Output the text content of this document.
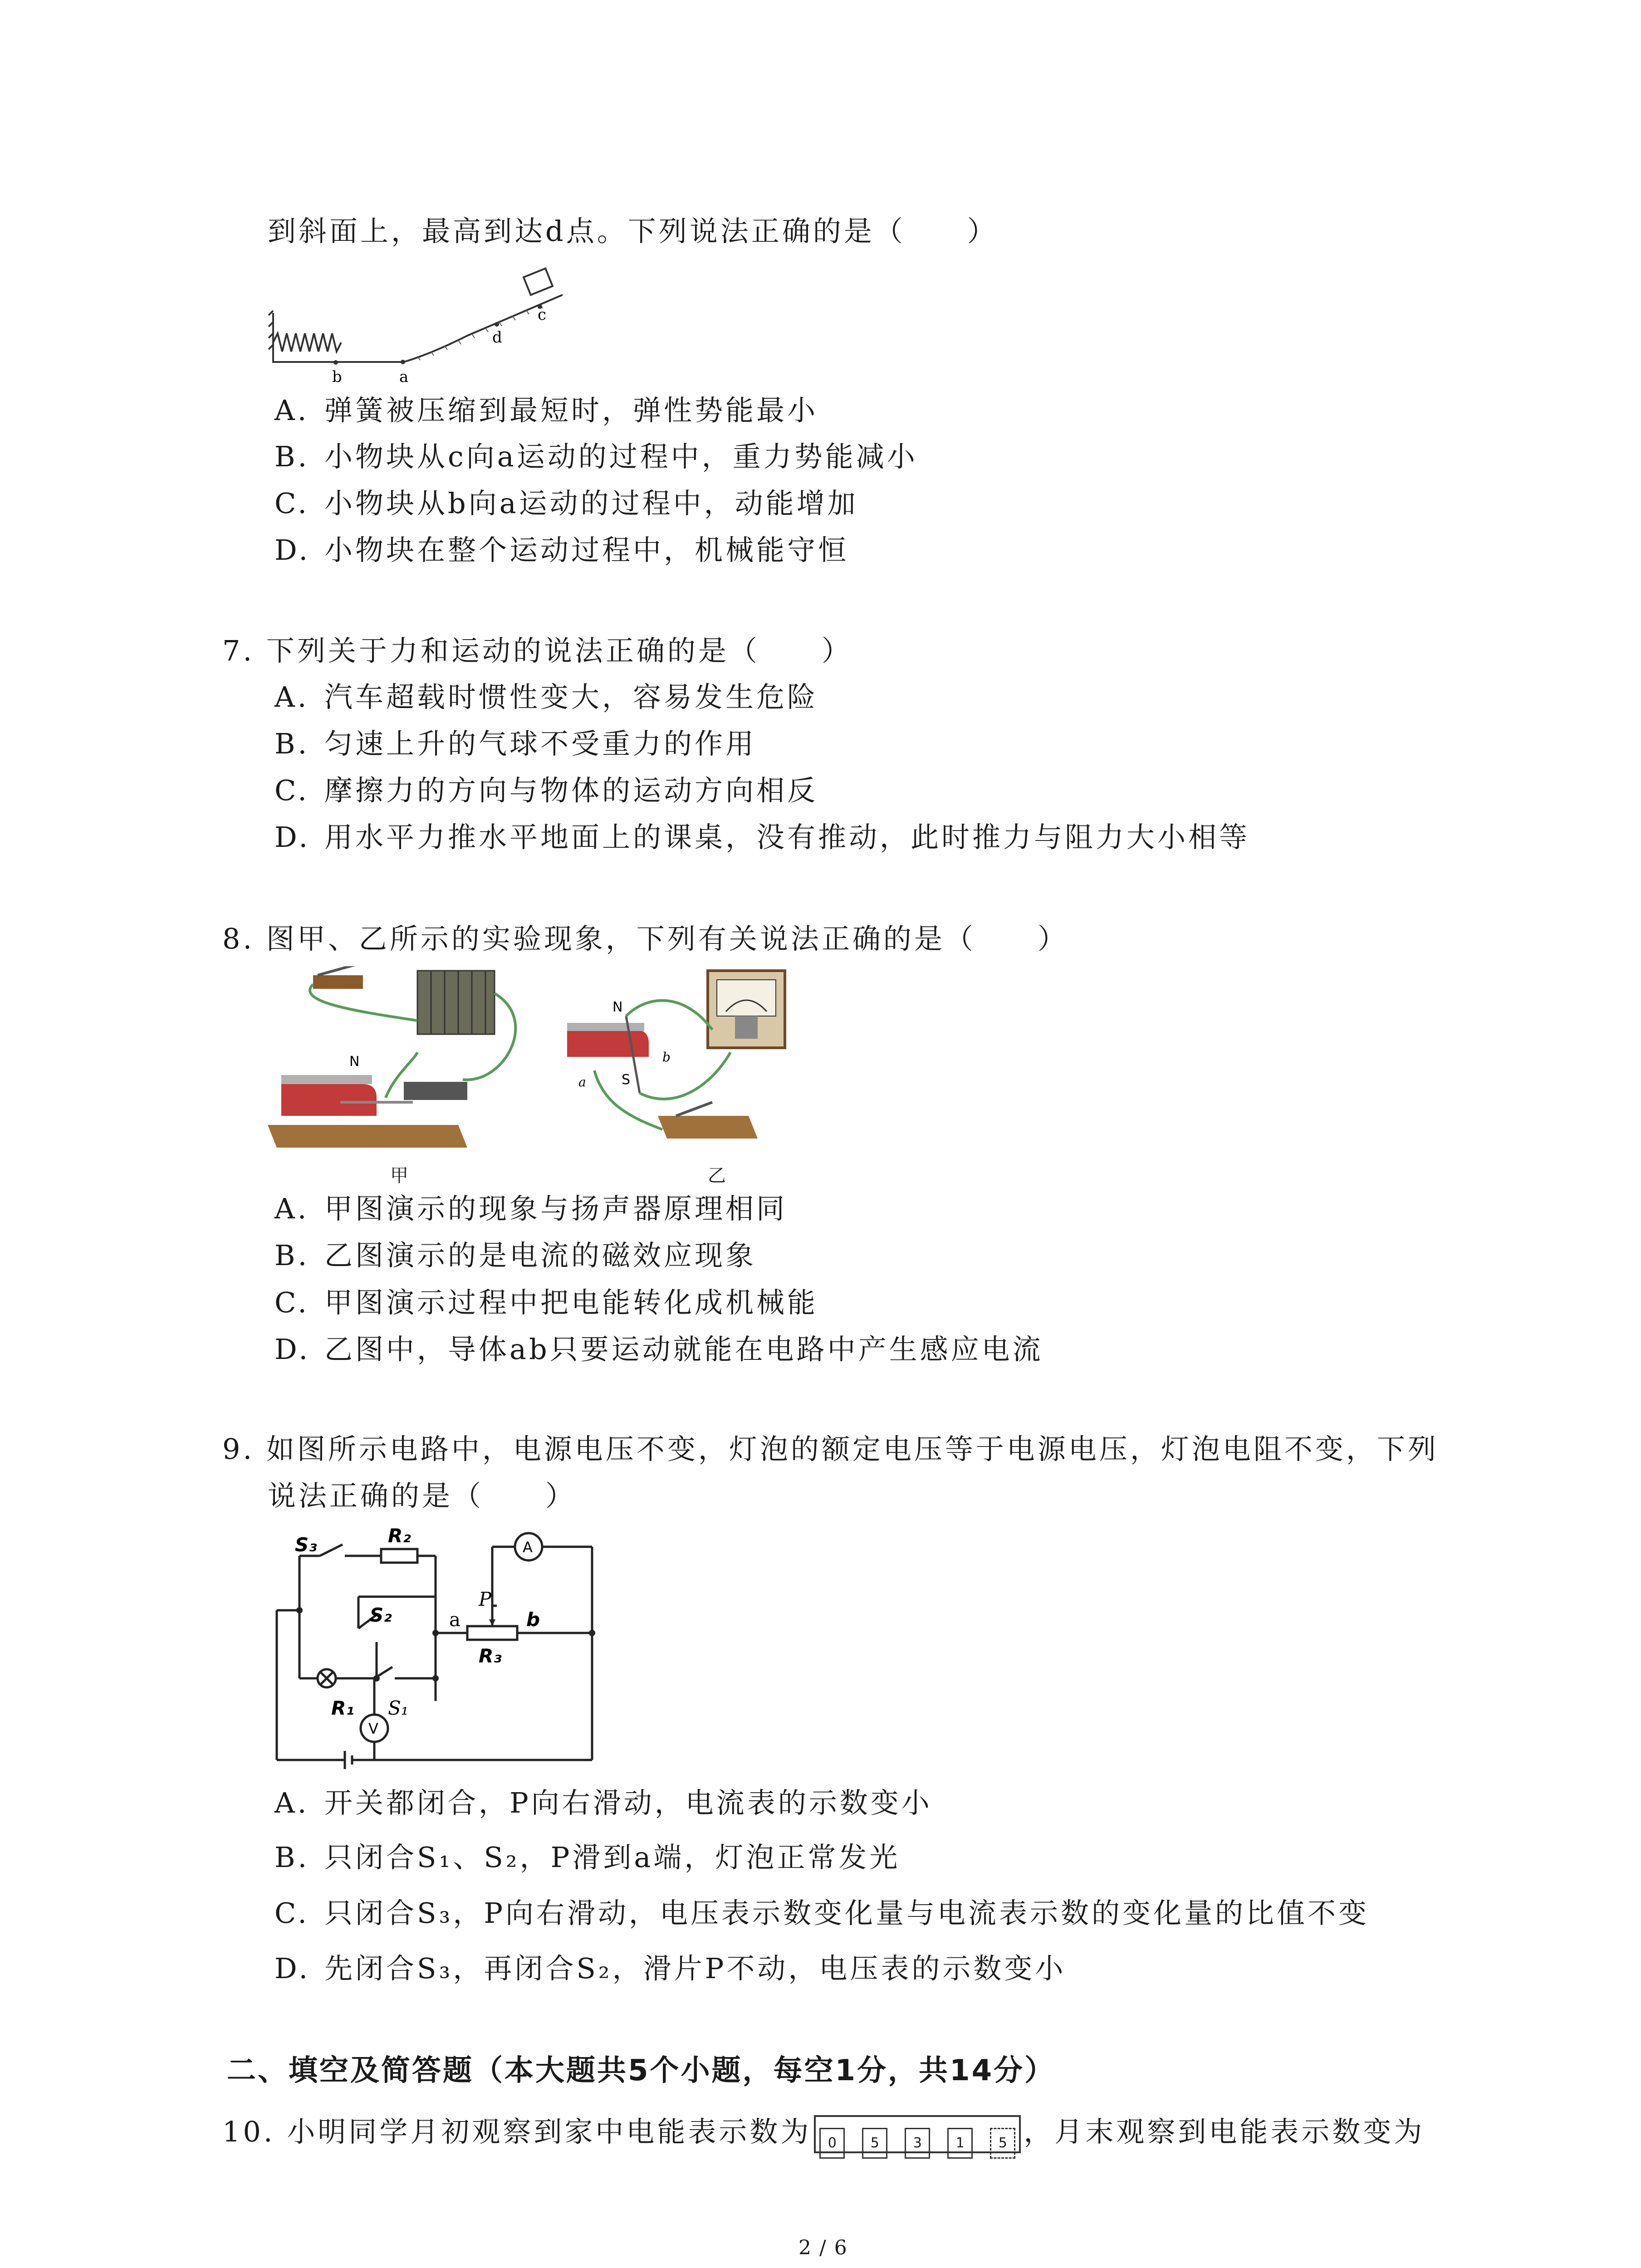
到斜面上，最高到达d点。下列说法正确的是（　　）
b	a
d
c
A. 弹簧被压缩到最短时，弹性势能最小
B. 小物块从c向a运动的过程中，重力势能减小
C. 小物块从b向a运动的过程中，动能增加
D. 小物块在整个运动过程中，机械能守恒
7. 下列关于力和运动的说法正确的是（　　）
A. 汽车超载时惯性变大，容易发生危险
B. 匀速上升的气球不受重力的作用
C. 摩擦力的方向与物体的运动方向相反
D. 用水平力推水平地面上的课桌，没有推动，此时推力与阻力大小相等
8. 图甲、乙所示的实验现象，下列有关说法正确的是（　　）
N
N
S
a
b
甲	乙
A. 甲图演示的现象与扬声器原理相同
B. 乙图演示的是电流的磁效应现象
C. 甲图演示过程中把电能转化成机械能
D. 乙图中，导体ab只要运动就能在电路中产生感应电流
9. 如图所示电路中，电源电压不变，灯泡的额定电压等于电源电压，灯泡电阻不变，下列
说法正确的是（　　）
S₃	R₂
S₂
R₃
b
R₁
a
P
S₁
A
V
A. 开关都闭合，P向右滑动，电流表的示数变小
B. 只闭合S₁、S₂，P滑到a端，灯泡正常发光
C. 只闭合S₃，P向右滑动，电压表示数变化量与电流表示数的变化量的比值不变
D. 先闭合S₃，再闭合S₂，滑片P不动，电压表的示数变小
二、填空及简答题（本大题共5个小题，每空1分，共14分）
10. 小明同学月初观察到家中电能表示数为 0 5 3 1 5 ，月末观察到电能表示数变为
2 / 6
